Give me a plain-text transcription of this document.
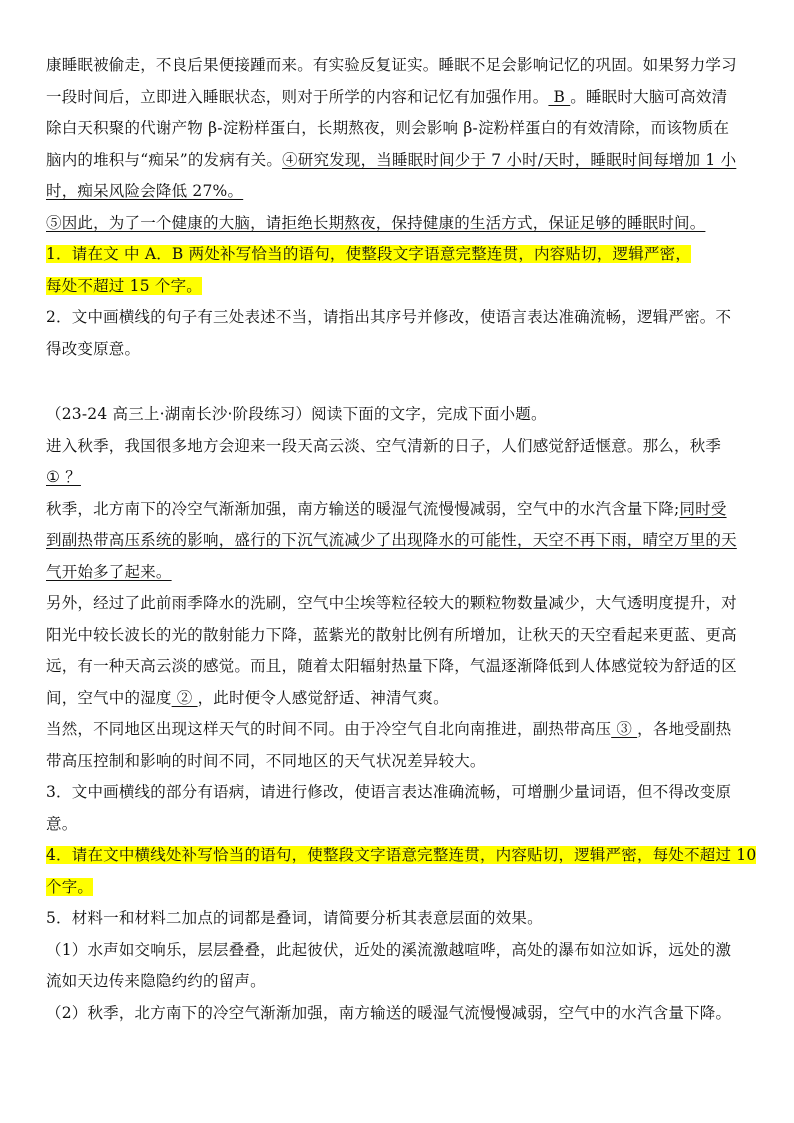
康睡眠被偷走，不良后果便接踵而来。有实验反复证实。睡眠不足会影响记忆的巩固。如果努力学习
一段时间后，立即进入睡眠状态，则对于所学的内容和记忆有加强作用。 B 。睡眠时大脑可高效清
除白天积聚的代谢产物 β-淀粉样蛋白，长期熬夜，则会影响 β-淀粉样蛋白的有效清除，而该物质在
脑内的堆积与“痴呆”的发病有关。④研究发现，当睡眠时间少于 7 小时/天时，睡眠时间每增加 1 小
时，痴呆风险会降低 27%。
⑤因此，为了一个健康的大脑，请拒绝长期熬夜，保持健康的生活方式，保证足够的睡眠时间。
1．请在文 中 A．B 两处补写恰当的语句，使整段文字语意完整连贯，内容贴切，逻辑严密，
每处不超过 15 个字。
2．文中画横线的句子有三处表述不当，请指出其序号并修改，使语言表达准确流畅，逻辑严密。不
得改变原意。
（23-24 高三上·湖南长沙·阶段练习）阅读下面的文字，完成下面小题。
进入秋季，我国很多地方会迎来一段天高云淡、空气清新的日子，人们感觉舒适惬意。那么，秋季
① ？
秋季，北方南下的冷空气渐渐加强，南方输送的暖湿气流慢慢减弱，空气中的水汽含量下降;同时受
到副热带高压系统的影响，盛行的下沉气流减少了出现降水的可能性，天空不再下雨，晴空万里的天
气开始多了起来。
另外，经过了此前雨季降水的洗刷，空气中尘埃等粒径较大的颗粒物数量减少，大气透明度提升，对
阳光中较长波长的光的散射能力下降，蓝紫光的散射比例有所增加，让秋天的天空看起来更蓝、更高
远，有一种天高云淡的感觉。而且，随着太阳辐射热量下降，气温逐渐降低到人体感觉较为舒适的区
间，空气中的湿度 ② ，此时便令人感觉舒适、神清气爽。
当然，不同地区出现这样天气的时间不同。由于冷空气自北向南推进，副热带高压 ③ ，各地受副热
带高压控制和影响的时间不同，不同地区的天气状况差异较大。
3．文中画横线的部分有语病，请进行修改，使语言表达准确流畅，可增删少量词语，但不得改变原
意。
4．请在文中横线处补写恰当的语句，使整段文字语意完整连贯，内容贴切，逻辑严密，每处不超过 10
个字。
5．材料一和材料二加点的词都是叠词，请简要分析其表意层面的效果。
（1）水声如交响乐，层层叠叠，此起彼伏，近处的溪流激越喧哗，高处的瀑布如泣如诉，远处的激
流如天边传来隐隐约约的留声。
（2）秋季，北方南下的冷空气渐渐加强，南方输送的暖湿气流慢慢减弱，空气中的水汽含量下降。
